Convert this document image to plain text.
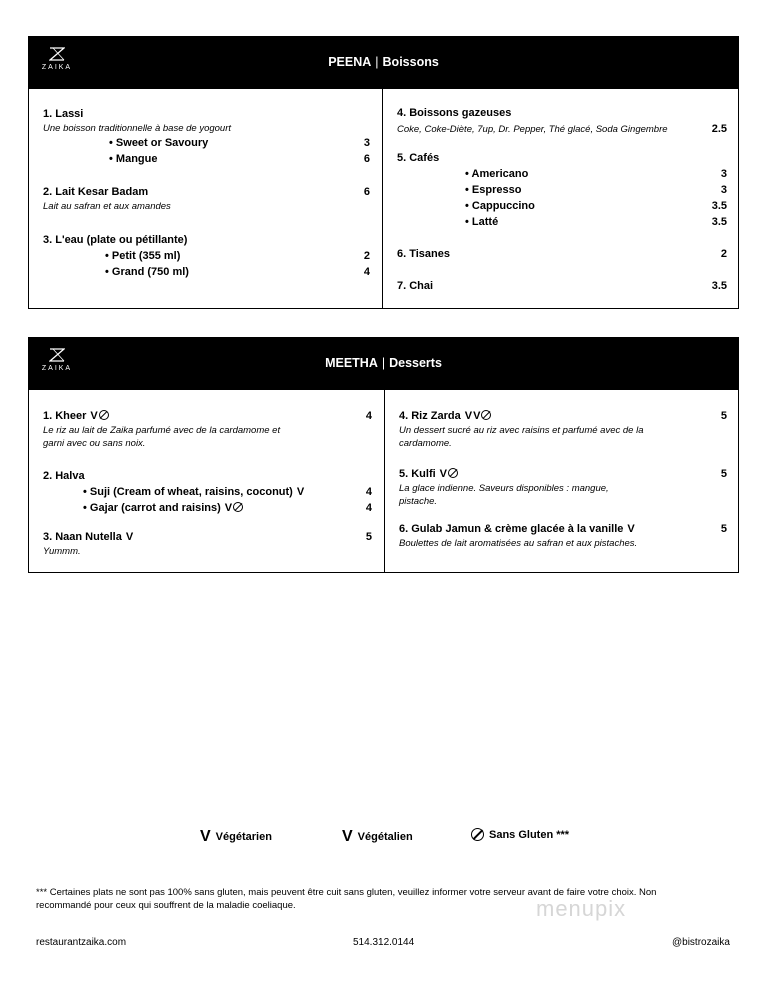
ZAIKA	PEENA | Boissons
1. Lassi
Une boisson traditionnelle à base de yogourt
• Sweet or Savoury	3
• Mangue	6
2. Lait Kesar Badam	6
Lait au safran et aux amandes
3. L'eau (plate ou pétillante)
• Petit (355 ml)	2
• Grand (750 ml)	4
4. Boissons gazeuses
Coke, Coke-Diète, 7up, Dr. Pepper, Thé glacé, Soda Gingembre	2.5
5. Cafés
• Americano	3
• Espresso	3
• Cappuccino	3.5
• Latté	3.5
6. Tisanes	2
7. Chai	3.5
ZAIKA	MEETHA | Desserts
1. Kheer V	4
Le riz au lait de Zaika parfumé avec de la cardamome et
garni avec ou sans noix.
2. Halva
• Suji (Cream of wheat, raisins, coconut) V	4
• Gajar (carrot and raisins) V	4
3. Naan Nutella V	5
Yummm.
4. Riz Zarda VV	5
Un dessert sucré au riz avec raisins et parfumé avec de la
cardamome.
5. Kulfi V	5
La glace indienne. Saveurs disponibles : mangue,
pistache.
6. Gulab Jamun & crème glacée à la vanille V	5
Boulettes de lait aromatisées au safran et aux pistaches.
V Végétarien	V Végétalien	Sans Gluten ***
*** Certaines plats ne sont pas 100% sans gluten, mais peuvent être cuit sans gluten, veuillez informer votre serveur avant de faire votre choix. Non recommandé pour ceux qui souffrent de la maladie coeliaque.	menupix
restaurantzaika.com	514.312.0144	@bistrozaika
